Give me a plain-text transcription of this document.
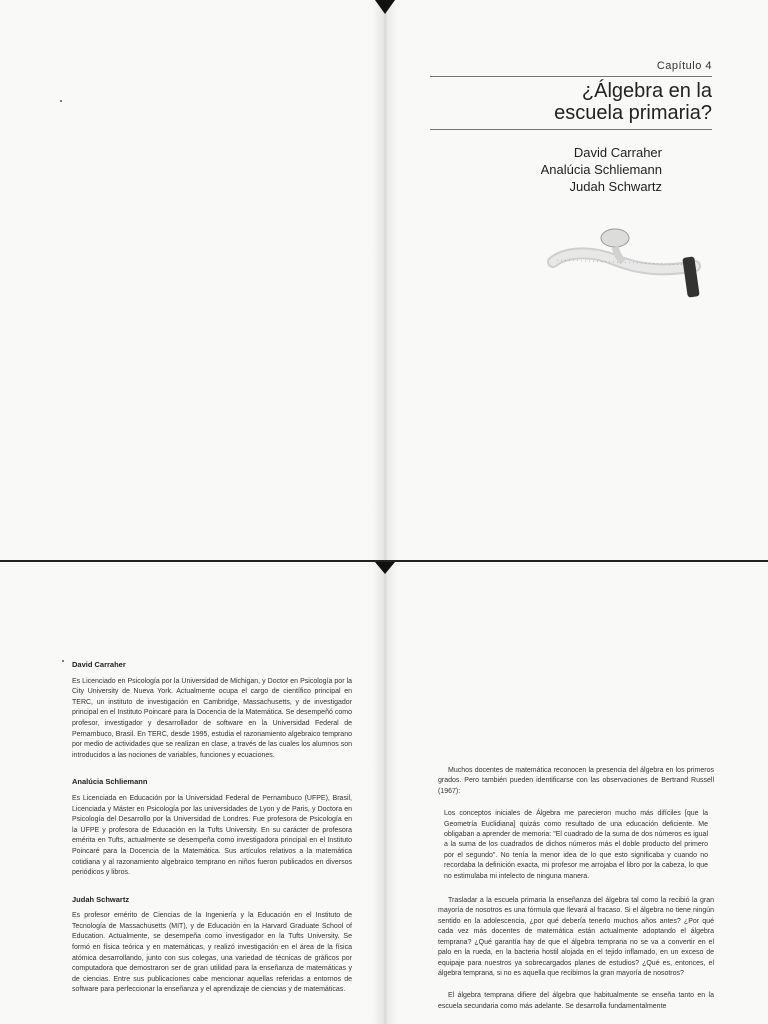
Capítulo 4
¿Álgebra en la
escuela primaria?
David Carraher
Analúcia Schliemann
Judah Schwartz
David Carraher
Es Licenciado en Psicología por la Universidad de Michigan, y Doctor en Psicología por la City University de Nueva York. Actualmente ocupa el cargo de científico principal en TERC, un instituto de investigación en Cambridge, Massachusetts, y de investigador principal en el Instituto Poincaré para la Docencia de la Matemática. Se desempeñó como profesor, investigador y desarrollador de software en la Universidad Federal de Pernambuco, Brasil. En TERC, desde 1995, estudia el razonamiento algebraico temprano por medio de actividades que se realizan en clase, a través de las cuales los alumnos son introducidos a las nociones de variables, funciones y ecuaciones.
Analúcia Schliemann
Es Licenciada en Educación por la Universidad Federal de Pernambuco (UFPE), Brasil, Licenciada y Máster en Psicología por las universidades de Lyon y de Paris, y Doctora en Psicología del Desarrollo por la Universidad de Londres. Fue profesora de Psicología en la UFPE y profesora de Educación en la Tufts University. En su carácter de profesora emérita en Tufts, actualmente se desempeña como investigadora principal en el Instituto Poincaré para la Docencia de la Matemática. Sus artículos relativos a la matemática cotidiana y al razonamiento algebraico temprano en niños fueron publicados en diversos periódicos y libros.
Judah Schwartz
Es profesor emérito de Ciencias de la Ingeniería y la Educación en el Instituto de Tecnología de Massachusetts (MIT), y de Educación en la Harvard Graduate School of Education. Actualmente, se desempeña como investigador en la Tufts University. Se formó en física teórica y en matemáticas, y realizó investigación en el área de la física atómica desarrollando, junto con sus colegas, una variedad de técnicas de gráficos por computadora que demostraron ser de gran utilidad para la enseñanza de matemáticas y de ciencias. Entre sus publicaciones cabe mencionar aquellas referidas a entornos de software para perfeccionar la enseñanza y el aprendizaje de ciencias y de matemáticas.

Muchos docentes de matemática reconocen la presencia del álgebra en los primeros grados. Pero también pueden identificarse con las observaciones de Bertrand Russell (1967):

Los conceptos iniciales de Álgebra me parecieron mucho más difíciles [que la Geometría Euclidiana] quizás como resultado de una educación deficiente. Me obligaban a aprender de memoria: "El cuadrado de la suma de dos números es igual a la suma de los cuadrados de dichos números más el doble producto del primero por el segundo". No tenía la menor idea de lo que esto significaba y cuando no recordaba la definición exacta, mi profesor me arrojaba el libro por la cabeza, lo que no estimulaba mi intelecto de ninguna manera.

Trasladar a la escuela primaria la enseñanza del álgebra tal como la recibió la gran mayoría de nosotros es una fórmula que llevará al fracaso. Si el álgebra no tiene ningún sentido en la adolescencia, ¿por qué debería tenerlo muchos años antes? ¿Por qué cada vez más docentes de matemática están actualmente adoptando el álgebra temprana? ¿Qué garantía hay de que el álgebra temprana no se va a convertir en el palo en la rueda, en la bacteria hostil alojada en el tejido inflamado, en un exceso de equipaje para nuestros ya sobrecargados planes de estudios? ¿Qué es, entonces, el álgebra temprana, si no es aquella que recibimos la gran mayoría de nosotros?

El álgebra temprana difiere del álgebra que habitualmente se enseña tanto en la escuela secundaria como más adelante. Se desarrolla fundamentalmente
